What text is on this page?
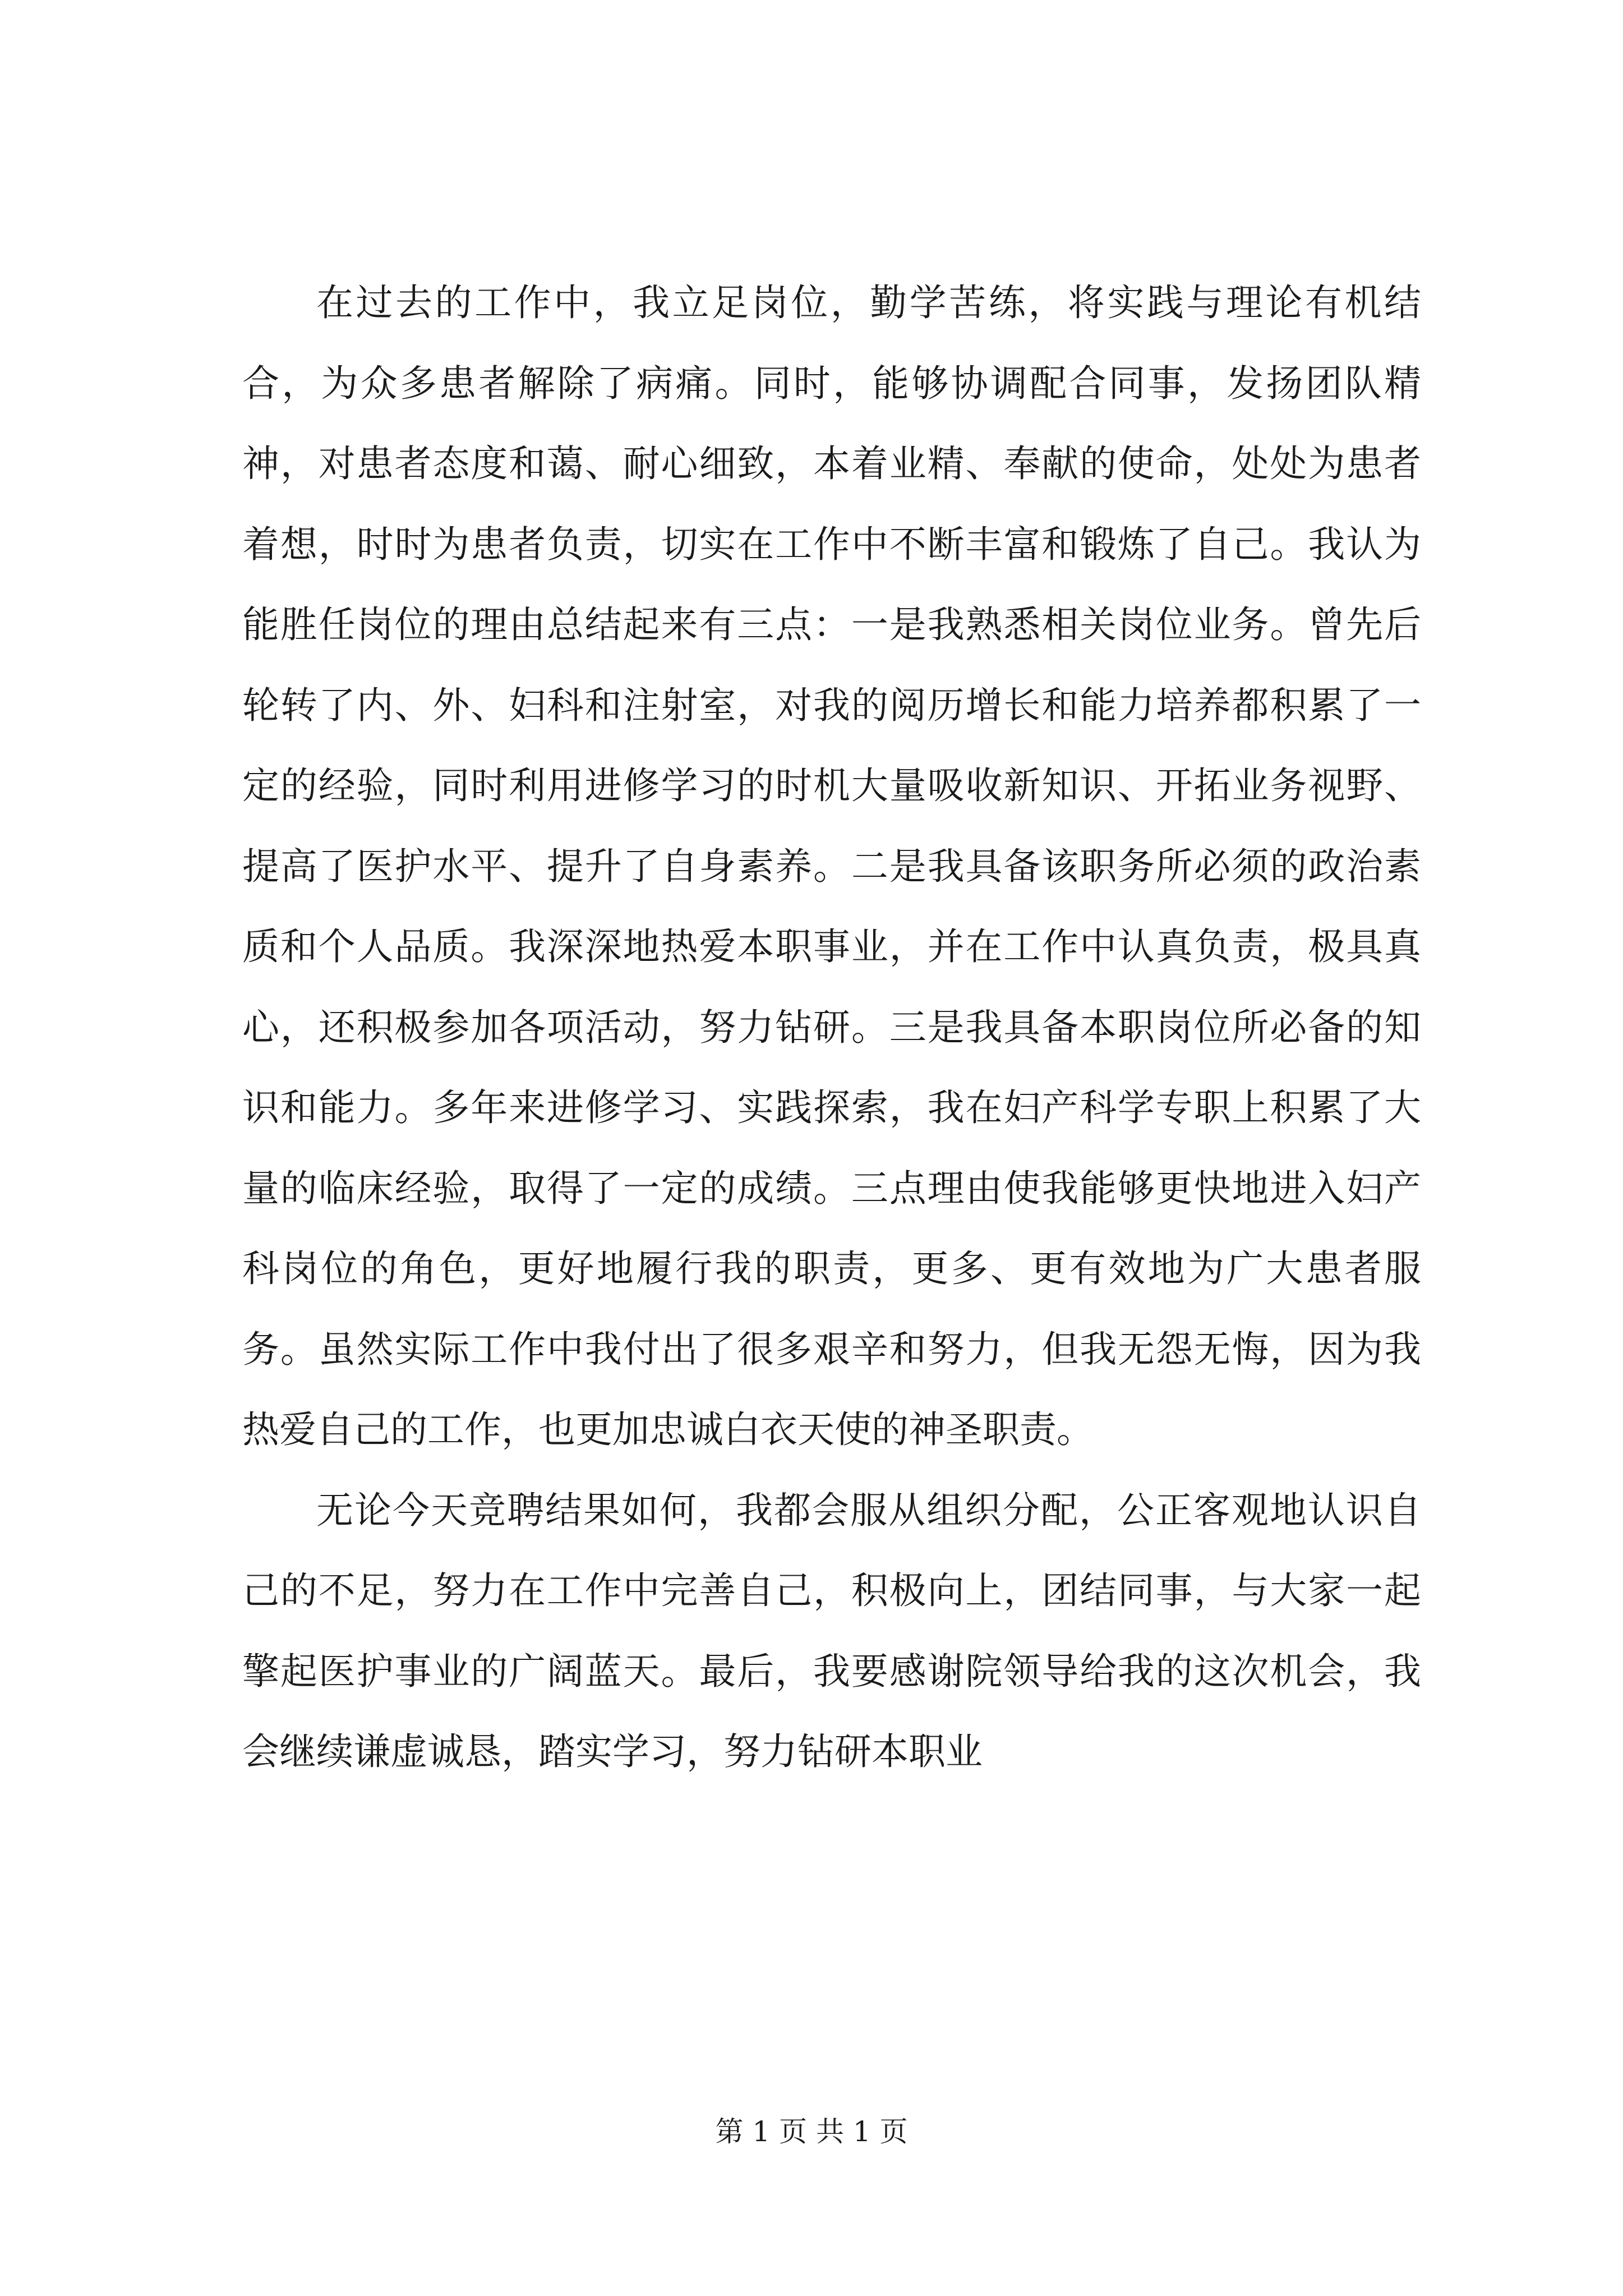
在过去的工作中，我立足岗位，勤学苦练，将实践与理论有机结合，为众多患者解除了病痛。同时，能够协调配合同事，发扬团队精神，对患者态度和蔼、耐心细致，本着业精、奉献的使命，处处为患者着想，时时为患者负责，切实在工作中不断丰富和锻炼了自己。我认为能胜任岗位的理由总结起来有三点：一是我熟悉相关岗位业务。曾先后轮转了内、外、妇科和注射室，对我的阅历增长和能力培养都积累了一定的经验，同时利用进修学习的时机大量吸收新知识、开拓业务视野、提高了医护水平、提升了自身素养。二是我具备该职务所必须的政治素质和个人品质。我深深地热爱本职事业，并在工作中认真负责，极具真心，还积极参加各项活动，努力钻研。三是我具备本职岗位所必备的知识和能力。多年来进修学习、实践探索，我在妇产科学专职上积累了大量的临床经验，取得了一定的成绩。三点理由使我能够更快地进入妇产科岗位的角色，更好地履行我的职责，更多、更有效地为广大患者服务。虽然实际工作中我付出了很多艰辛和努力，但我无怨无悔，因为我热爱自己的工作，也更加忠诚白衣天使的神圣职责。

无论今天竞聘结果如何，我都会服从组织分配，公正客观地认识自己的不足，努力在工作中完善自己，积极向上，团结同事，与大家一起擎起医护事业的广阔蓝天。最后，我要感谢院领导给我的这次机会，我会继续谦虚诚恳，踏实学习，努力钻研本职业

第 1 页 共 1 页
